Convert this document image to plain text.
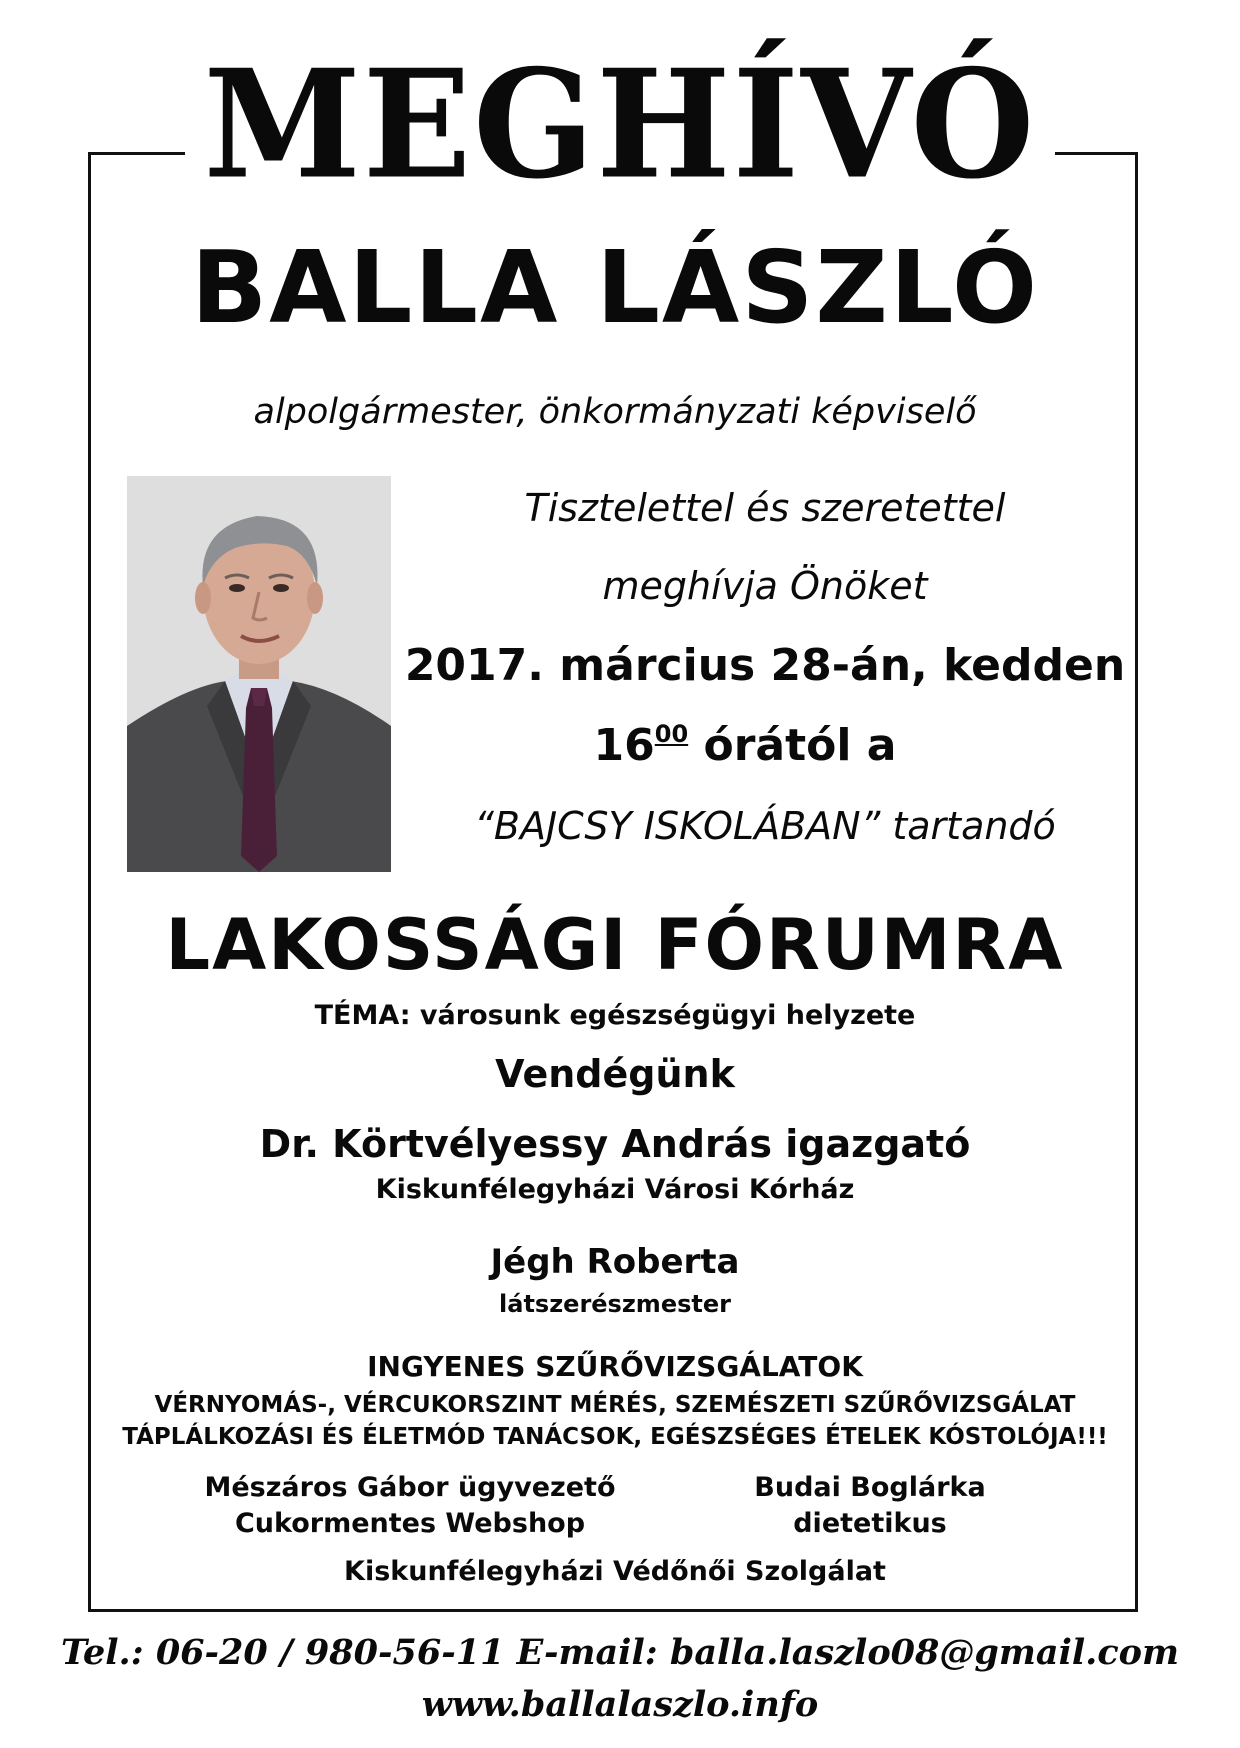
MEGHÍVÓ
BALLA LÁSZLÓ
alpolgármester, önkormányzati képviselő
Tisztelettel és szeretettel
meghívja Önöket
2017. március 28-án, kedden
$16^{00}$ órától a
“BAJCSY ISKOLÁBAN” tartandó
LAKOSSÁGI FÓRUMRA
TÉMA: városunk egészségügyi helyzete
Vendégünk
Dr. Körtvélyessy András igazgató
Kiskunfélegyházi Városi Kórház
Jégh Roberta
látszerészmester
INGYENES SZŰRŐVIZSGÁLATOK
VÉRNYOMÁS-, VÉRCUKORSZINT MÉRÉS, SZEMÉSZETI SZŰRŐVIZSGÁLAT
TÁPLÁLKOZÁSI ÉS ÉLETMÓD TANÁCSOK, EGÉSZSÉGES ÉTELEK KÓSTOLÓJA!!!
Mészáros Gábor ügyvezető
Cukormentes Webshop
Budai Boglárka
dietetikus
Kiskunfélegyházi Védőnői Szolgálat
Tel.: 06-20 / 980-56-11 E-mail: balla.laszlo08@gmail.com
www.ballalaszlo.info
